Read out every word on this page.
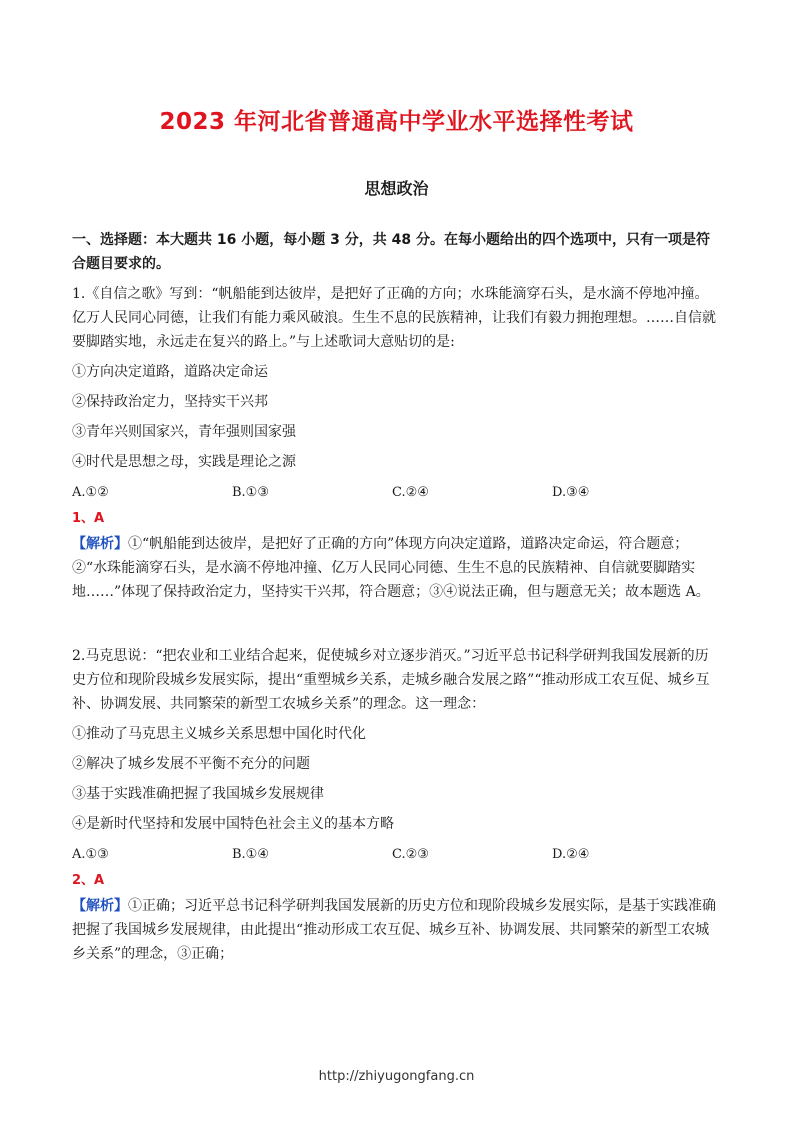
2023 年河北省普通高中学业水平选择性考试
思想政治
一、选择题：本大题共 16 小题，每小题 3 分，共 48 分。在每小题给出的四个选项中，只有一项是符合题目要求的。

1.《自信之歌》写到：“帆船能到达彼岸，是把好了正确的方向；水珠能滴穿石头，是水滴不停地冲撞。亿万人民同心同德，让我们有能力乘风破浪。生生不息的民族精神，让我们有毅力拥抱理想。……自信就要脚踏实地，永远走在复兴的路上。”与上述歌词大意贴切的是:

①方向决定道路，道路决定命运
②保持政治定力，坚持实干兴邦
③青年兴则国家兴，青年强则国家强
④时代是思想之母，实践是理论之源
A.①②	B.①③	C.②④	D.③④
1、A
【解析】①“帆船能到达彼岸，是把好了正确的方向”体现方向决定道路，道路决定命运，符合题意；②“水珠能滴穿石头，是水滴不停地冲撞、亿万人民同心同德、生生不息的民族精神、自信就要脚踏实地……”体现了保持政治定力，坚持实干兴邦，符合题意；③④说法正确，但与题意无关；故本题选 A。

2.马克思说：“把农业和工业结合起来，促使城乡对立逐步消灭。”习近平总书记科学研判我国发展新的历史方位和现阶段城乡发展实际，提出“重塑城乡关系，走城乡融合发展之路”“推动形成工农互促、城乡互补、协调发展、共同繁荣的新型工农城乡关系”的理念。这一理念：

①推动了马克思主义城乡关系思想中国化时代化
②解决了城乡发展不平衡不充分的问题
③基于实践准确把握了我国城乡发展规律
④是新时代坚持和发展中国特色社会主义的基本方略
A.①③	B.①④	C.②③	D.②④
2、A
【解析】①正确；习近平总书记科学研判我国发展新的历史方位和现阶段城乡发展实际，是基于实践准确把握了我国城乡发展规律，由此提出“推动形成工农互促、城乡互补、协调发展、共同繁荣的新型工农城乡关系”的理念，③正确；
http://zhiyugongfang.cn
